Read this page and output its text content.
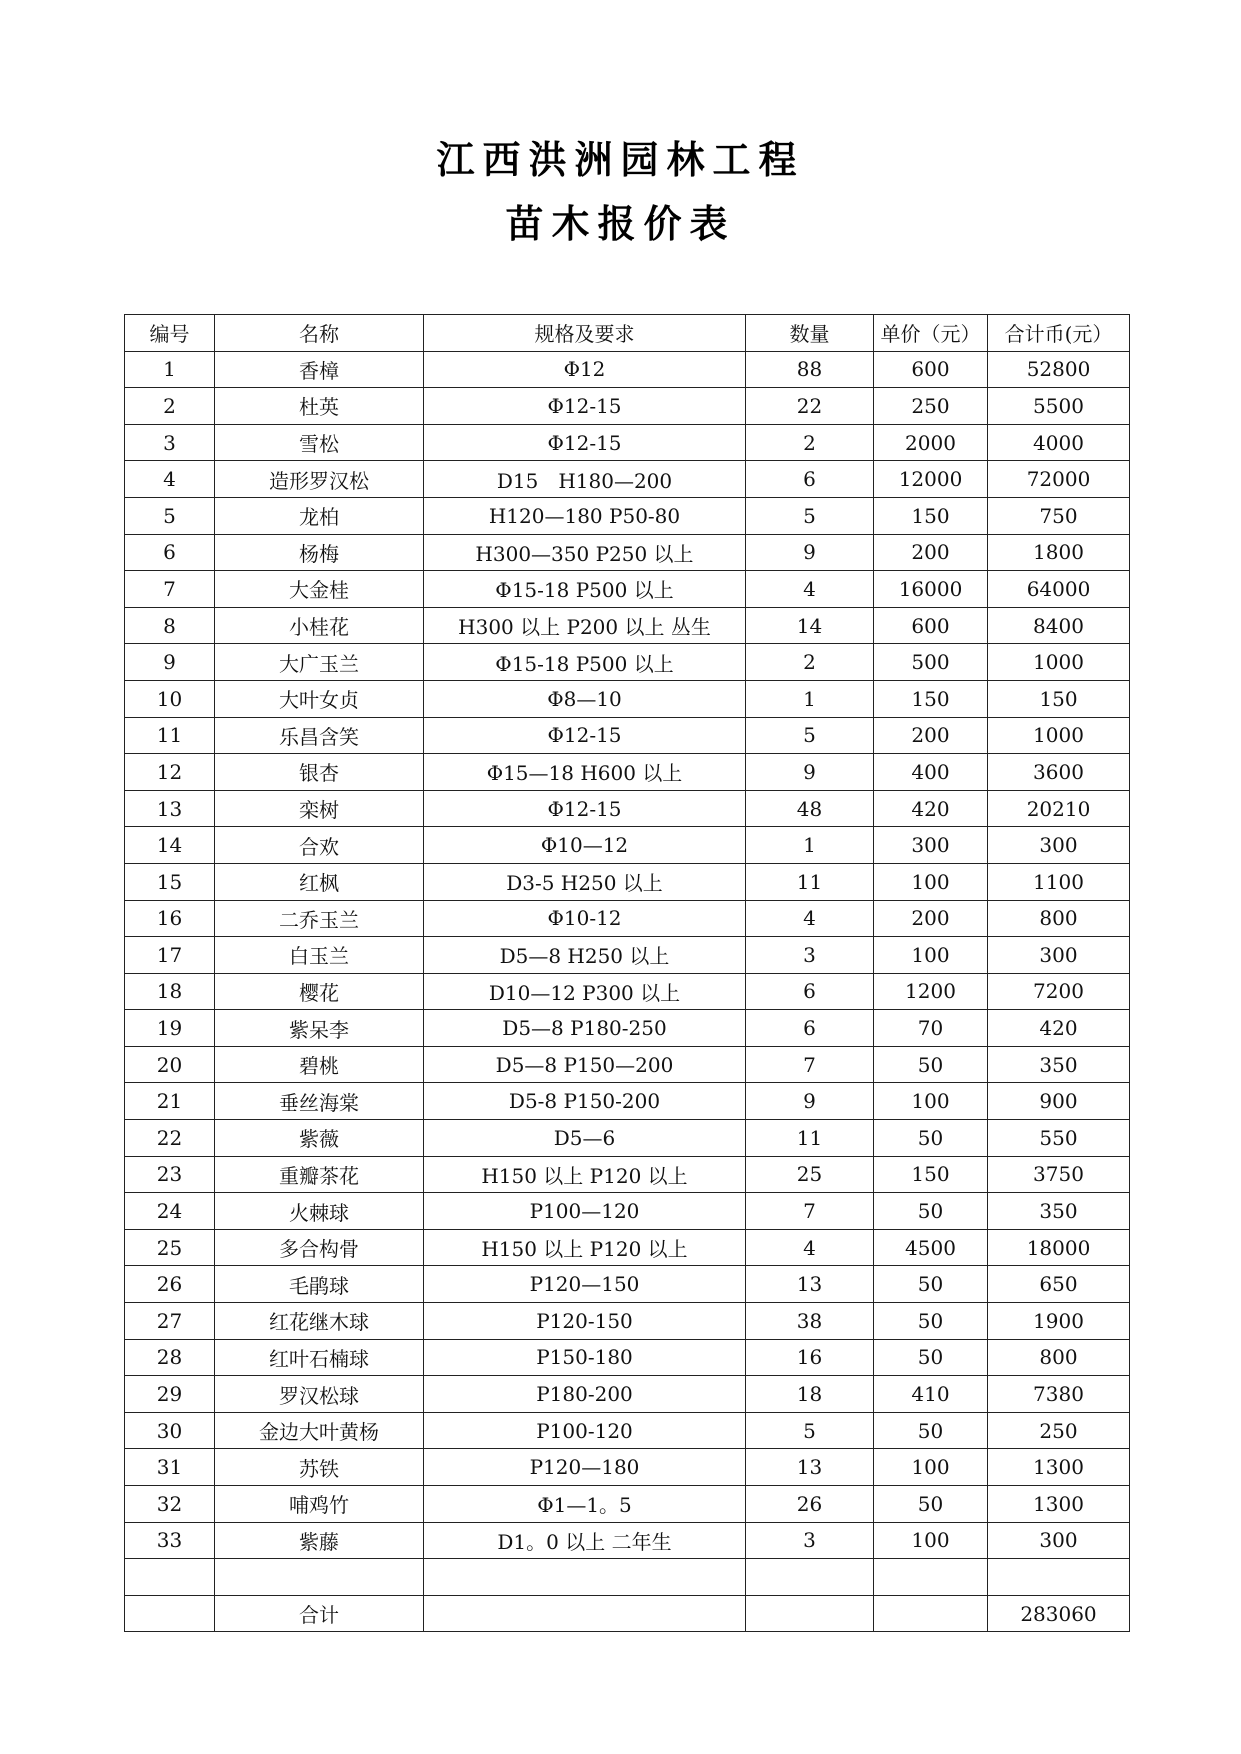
江西洪洲园林工程
苗木报价表
编号	名称	规格及要求	数量	单价（元）	合计币(元）
1	香樟	Φ12	88	600	52800
2	杜英	Φ12-15	22	250	5500
3	雪松	Φ12-15	2	2000	4000
4	造形罗汉松	D15　H180—200	6	12000	72000
5	龙柏	H120—180 P50-80	5	150	750
6	杨梅	H300—350 P250 以上	9	200	1800
7	大金桂	Φ15-18 P500 以上	4	16000	64000
8	小桂花	H300 以上 P200 以上 丛生	14	600	8400
9	大广玉兰	Φ15-18 P500 以上	2	500	1000
10	大叶女贞	Φ8—10	1	150	150
11	乐昌含笑	Φ12-15	5	200	1000
12	银杏	Φ15—18 H600 以上	9	400	3600
13	栾树	Φ12-15	48	420	20210
14	合欢	Φ10—12	1	300	300
15	红枫	D3-5 H250 以上	11	100	1100
16	二乔玉兰	Φ10-12	4	200	800
17	白玉兰	D5—8 H250 以上	3	100	300
18	樱花	D10—12 P300 以上	6	1200	7200
19	紫呆李	D5—8 P180-250	6	70	420
20	碧桃	D5—8 P150—200	7	50	350
21	垂丝海棠	D5-8 P150-200	9	100	900
22	紫薇	D5—6	11	50	550
23	重瓣茶花	H150 以上 P120 以上	25	150	3750
24	火棘球	P100—120	7	50	350
25	多合构骨	H150 以上 P120 以上	4	4500	18000
26	毛鹃球	P120—150	13	50	650
27	红花继木球	P120-150	38	50	1900
28	红叶石楠球	P150-180	16	50	800
29	罗汉松球	P180-200	18	410	7380
30	金边大叶黄杨	P100-120	5	50	250
31	苏铁	P120—180	13	100	1300
32	哺鸡竹	Φ1—1。5	26	50	1300
33	紫藤	D1。0 以上 二年生	3	100	300

	合计				283060
